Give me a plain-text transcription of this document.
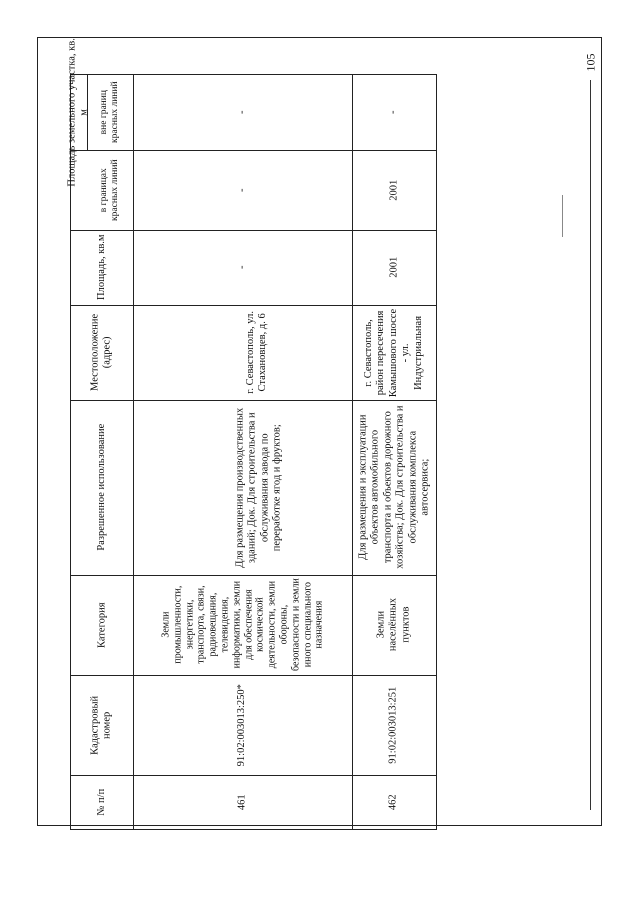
105
Площадь земельного участка, кв. м вне границ красных линий
в границах красных линий
Площадь, кв.м
Местоположение (адрес)
Разрешенное использование
Категория
Кадастровый номер
№ п/п
-
-
-
г. Севастополь, ул. Стахановцев, д. 6
Для размещения производственных зданий; Док. Для строительства и обслуживания завода по переработке ягод и фруктов;
Земли промышленности, энергетики, транспорта, связи, радиовещания, телевидения, информатики, земли для обеспечения космической деятельности, земли обороны, безопасности и земли иного специального назначения
91:02:003013:250*
461
-
2001
2001
г. Севастополь, район пересечения Камышового шоссе - ул. Индустриальная
Для размещения и эксплуатации объектов автомобильного транспорта и объектов дорожного хозяйства; Док. Для строительства и обслуживания комплекса автосервиса;
Земли населённых пунктов
91:02:003013:251
462
